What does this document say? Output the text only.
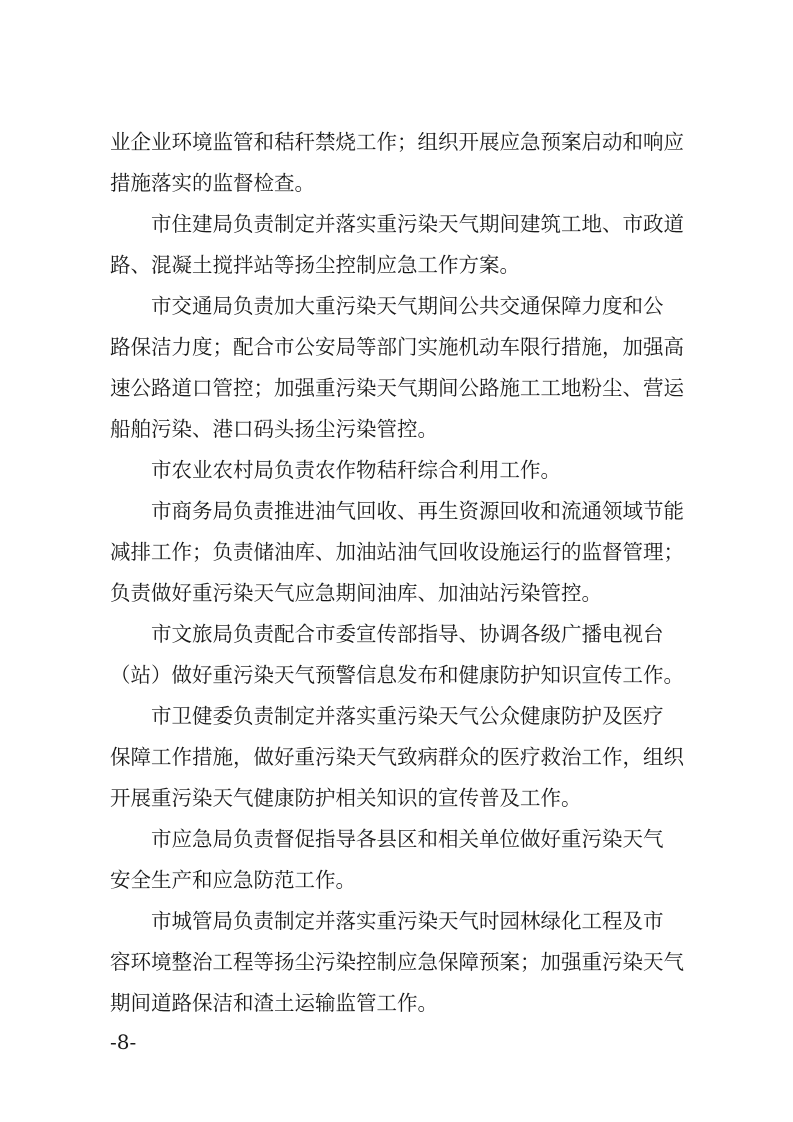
业企业环境监管和秸秆禁烧工作；组织开展应急预案启动和响应
措施落实的监督检查。
　　市住建局负责制定并落实重污染天气期间建筑工地、市政道
路、混凝土搅拌站等扬尘控制应急工作方案。
　　市交通局负责加大重污染天气期间公共交通保障力度和公
路保洁力度；配合市公安局等部门实施机动车限行措施，加强高
速公路道口管控；加强重污染天气期间公路施工工地粉尘、营运
船舶污染、港口码头扬尘污染管控。
　　市农业农村局负责农作物秸秆综合利用工作。
　　市商务局负责推进油气回收、再生资源回收和流通领域节能
减排工作；负责储油库、加油站油气回收设施运行的监督管理；
负责做好重污染天气应急期间油库、加油站污染管控。
　　市文旅局负责配合市委宣传部指导、协调各级广播电视台
（站）做好重污染天气预警信息发布和健康防护知识宣传工作。
　　市卫健委负责制定并落实重污染天气公众健康防护及医疗
保障工作措施，做好重污染天气致病群众的医疗救治工作，组织
开展重污染天气健康防护相关知识的宣传普及工作。
　　市应急局负责督促指导各县区和相关单位做好重污染天气
安全生产和应急防范工作。
　　市城管局负责制定并落实重污染天气时园林绿化工程及市
容环境整治工程等扬尘污染控制应急保障预案；加强重污染天气
期间道路保洁和渣土运输监管工作。
-8-
